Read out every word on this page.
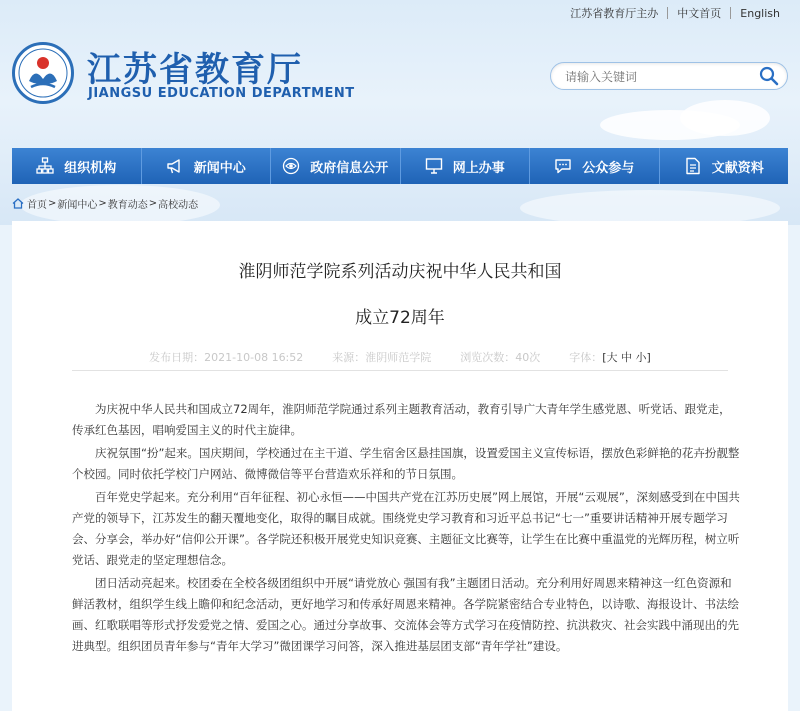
江苏省教育厅主办 中文首页 English
江苏省教育厅
JIANGSU EDUCATION DEPARTMENT
请输入关键词
组织机构	新闻中心	政府信息公开	网上办事	公众参与	文献资料
首页 > 新闻中心 > 教育动态 > 高校动态
淮阴师范学院系列活动庆祝中华人民共和国
成立72周年
发布日期：2021-10-08 16:52	来源：淮阴师范学院	浏览次数：40次	字体：[大 中 小]

为庆祝中华人民共和国成立72周年，淮阴师范学院通过系列主题教育活动，教育引导广大青年学生感党恩、听党话、跟党走，传承红色基因，唱响爱国主义的时代主旋律。

庆祝氛围“扮”起来。国庆期间，学校通过在主干道、学生宿舍区悬挂国旗，设置爱国主义宣传标语，摆放色彩鲜艳的花卉扮靓整个校园。同时依托学校门户网站、微博微信等平台营造欢乐祥和的节日氛围。

百年党史学起来。充分利用“百年征程、初心永恒——中国共产党在江苏历史展”网上展馆，开展“云观展”，深刻感受到在中国共产党的领导下，江苏发生的翻天覆地变化，取得的瞩目成就。围绕党史学习教育和习近平总书记“七一”重要讲话精神开展专题学习会、分享会，举办好“信仰公开课”。各学院还积极开展党史知识竞赛、主题征文比赛等，让学生在比赛中重温党的光辉历程，树立听党话、跟党走的坚定理想信念。

团日活动亮起来。校团委在全校各级团组织中开展“请党放心 强国有我”主题团日活动。充分利用好周恩来精神这一红色资源和鲜活教材，组织学生线上瞻仰和纪念活动，更好地学习和传承好周恩来精神。各学院紧密结合专业特色，以诗歌、海报设计、书法绘画、红歌联唱等形式抒发爱党之情、爱国之心。通过分享故事、交流体会等方式学习在疫情防控、抗洪救灾、社会实践中涌现出的先进典型。组织团员青年参与“青年大学习”微团课学习问答，深入推进基层团支部“青年学社”建设。
